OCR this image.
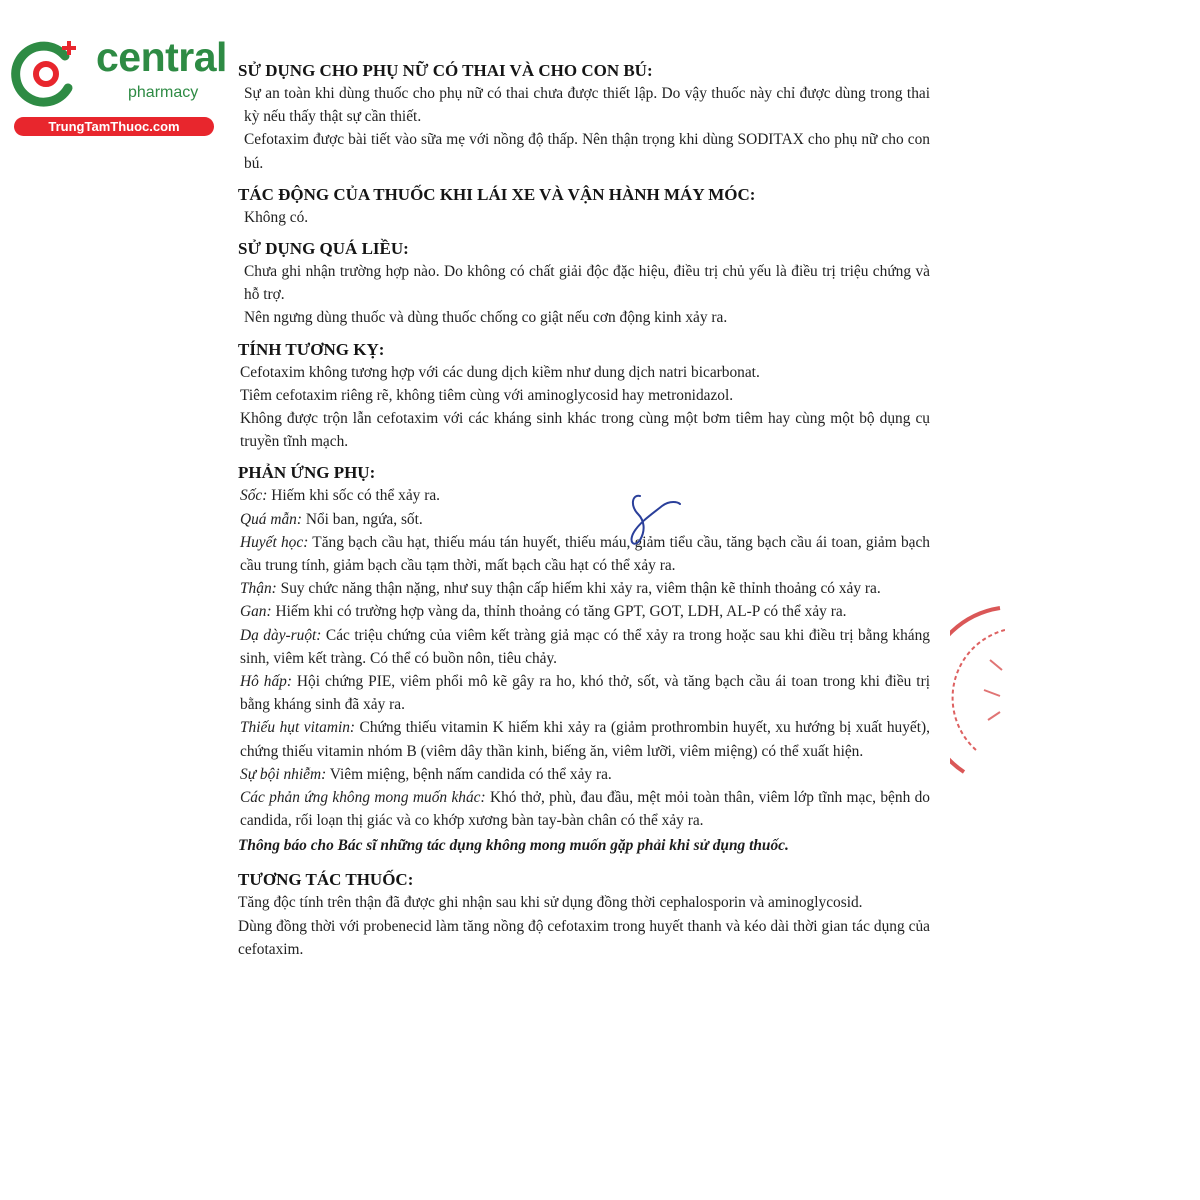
central
pharmacy
TrungTamThuoc.com
SỬ DỤNG CHO PHỤ NỮ CÓ THAI VÀ CHO CON BÚ:

Sự an toàn khi dùng thuốc cho phụ nữ có thai chưa được thiết lập. Do vậy thuốc này chỉ được dùng trong thai kỳ nếu thấy thật sự cần thiết.

Cefotaxim được bài tiết vào sữa mẹ với nồng độ thấp. Nên thận trọng khi dùng SODITAX cho phụ nữ cho con bú.

TÁC ĐỘNG CỦA THUỐC KHI LÁI XE VÀ VẬN HÀNH MÁY MÓC:

Không có.

SỬ DỤNG QUÁ LIỀU:

Chưa ghi nhận trường hợp nào. Do không có chất giải độc đặc hiệu, điều trị chủ yếu là điều trị triệu chứng và hỗ trợ.

Nên ngưng dùng thuốc và dùng thuốc chống co giật nếu cơn động kinh xảy ra.

TÍNH TƯƠNG KỴ:

Cefotaxim không tương hợp với các dung dịch kiềm như dung dịch natri bicarbonat.

Tiêm cefotaxim riêng rẽ, không tiêm cùng với aminoglycosid hay metronidazol.

Không được trộn lẫn cefotaxim với các kháng sinh khác trong cùng một bơm tiêm hay cùng một bộ dụng cụ truyền tĩnh mạch.

PHẢN ỨNG PHỤ:

Sốc: Hiếm khi sốc có thể xảy ra.

Quá mẫn: Nổi ban, ngứa, sốt.

Huyết học: Tăng bạch cầu hạt, thiếu máu tán huyết, thiếu máu, giảm tiểu cầu, tăng bạch cầu ái toan, giảm bạch cầu trung tính, giảm bạch cầu tạm thời, mất bạch cầu hạt có thể xảy ra.

Thận: Suy chức năng thận nặng, như suy thận cấp hiếm khi xảy ra, viêm thận kẽ thỉnh thoảng có xảy ra.

Gan: Hiếm khi có trường hợp vàng da, thỉnh thoảng có tăng GPT, GOT, LDH, AL-P có thể xảy ra.

Dạ dày-ruột: Các triệu chứng của viêm kết tràng giả mạc có thể xảy ra trong hoặc sau khi điều trị bằng kháng sinh, viêm kết tràng. Có thể có buồn nôn, tiêu chảy.

Hô hấp: Hội chứng PIE, viêm phổi mô kẽ gây ra ho, khó thở, sốt, và tăng bạch cầu ái toan trong khi điều trị bằng kháng sinh đã xảy ra.

Thiếu hụt vitamin: Chứng thiếu vitamin K hiếm khi xảy ra (giảm prothrombin huyết, xu hướng bị xuất huyết), chứng thiếu vitamin nhóm B (viêm dây thần kinh, biếng ăn, viêm lưỡi, viêm miệng) có thể xuất hiện.

Sự bội nhiễm: Viêm miệng, bệnh nấm candida có thể xảy ra.

Các phản ứng không mong muốn khác: Khó thở, phù, đau đầu, mệt mỏi toàn thân, viêm lớp tĩnh mạc, bệnh do candida, rối loạn thị giác và co khớp xương bàn tay-bàn chân có thể xảy ra.

Thông báo cho Bác sĩ những tác dụng không mong muốn gặp phải khi sử dụng thuốc.
TƯƠNG TÁC THUỐC:

Tăng độc tính trên thận đã được ghi nhận sau khi sử dụng đồng thời cephalosporin và aminoglycosid.

Dùng đồng thời với probenecid làm tăng nồng độ cefotaxim trong huyết thanh và kéo dài thời gian tác dụng của cefotaxim.
